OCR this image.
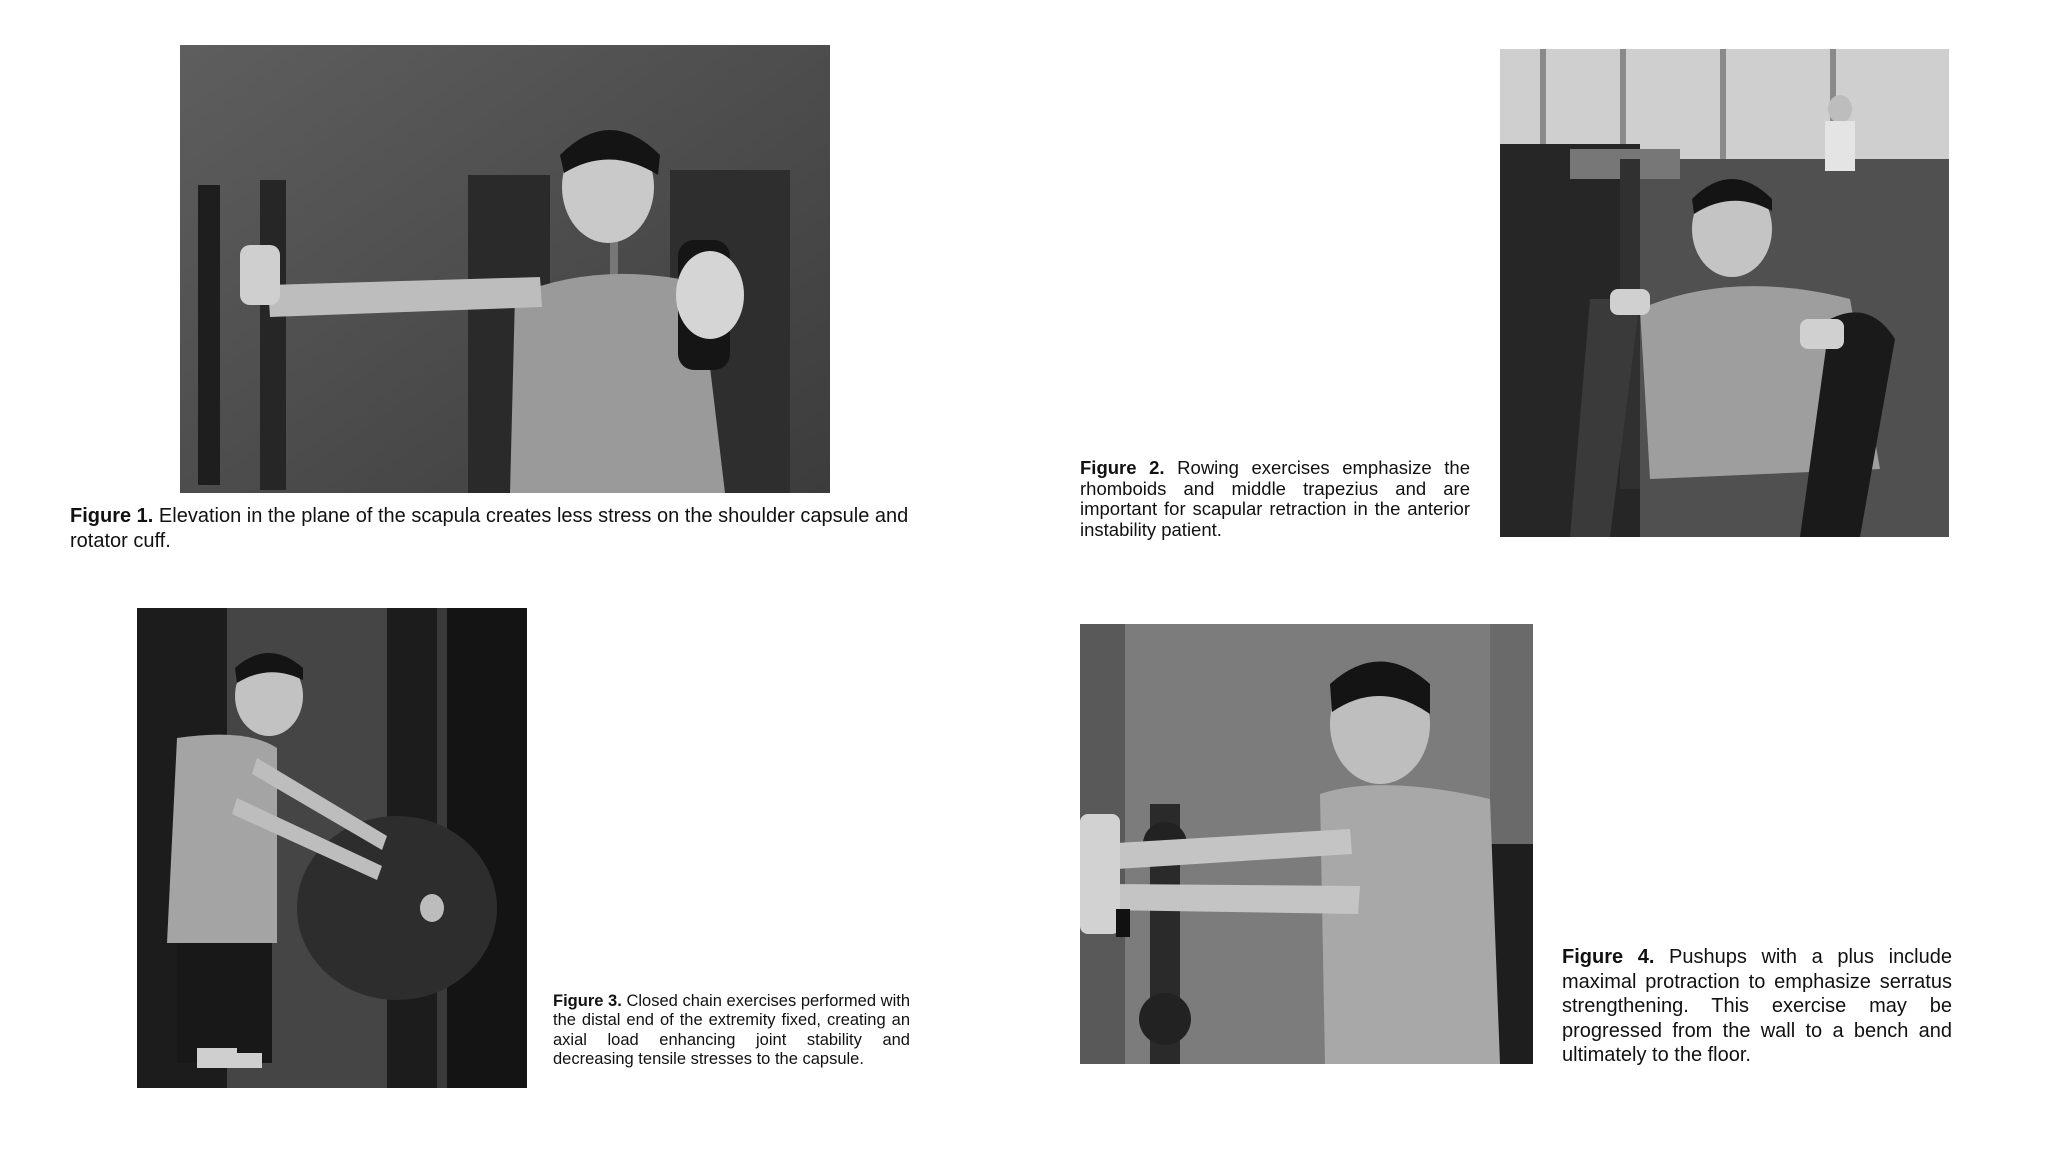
Figure 1. Elevation in the plane of the scapula creates less stress on the shoulder capsule and rotator cuff.
Figure 2. Rowing exercises emphasize the rhomboids and middle trapezius and are important for scapular retraction in the anterior instability patient.
Figure 3. Closed chain exercises performed with the distal end of the extremity fixed, creating an axial load enhancing joint stability and decreasing tensile stresses to the capsule.
Figure 4. Pushups with a plus include maximal protraction to emphasize serratus strengthening. This exercise may be progressed from the wall to a bench and ultimately to the floor.
